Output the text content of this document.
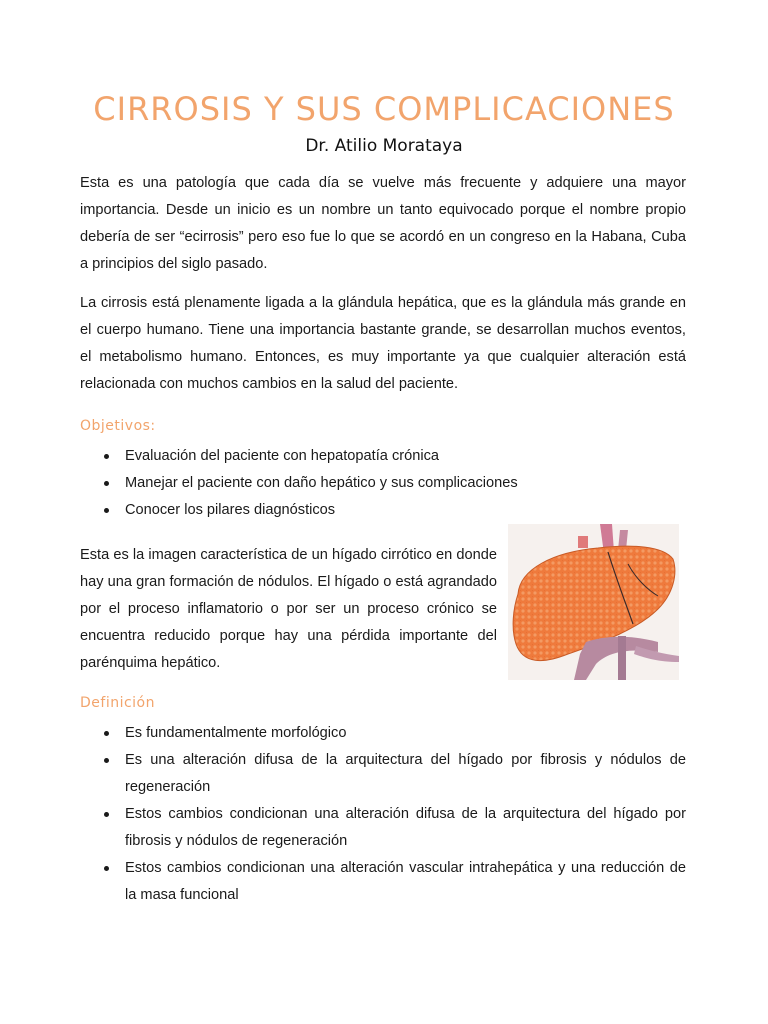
CIRROSIS Y SUS COMPLICACIONES
Dr. Atilio Morataya

Esta es una patología que cada día se vuelve más frecuente y adquiere una mayor importancia. Desde un inicio es un nombre un tanto equivocado porque el nombre propio debería de ser “ecirrosis” pero eso fue lo que se acordó en un congreso en la Habana, Cuba a principios del siglo pasado.

La cirrosis está plenamente ligada a la glándula hepática, que es la glándula más grande en el cuerpo humano. Tiene una importancia bastante grande, se desarrollan muchos eventos, el metabolismo humano. Entonces, es muy importante ya que cualquier alteración está relacionada con muchos cambios en la salud del paciente.

Objetivos:
Evaluación del paciente con hepatopatía crónica
Manejar el paciente con daño hepático y sus complicaciones
Conocer los pilares diagnósticos

Esta es la imagen característica de un hígado cirrótico en donde hay una gran formación de nódulos. El hígado o está agrandado por el proceso inflamatorio o por ser un proceso crónico se encuentra reducido porque hay una pérdida importante del parénquima hepático.

Definición
Es fundamentalmente morfológico
Es una alteración difusa de la arquitectura del hígado por fibrosis y nódulos de regeneración
Estos cambios condicionan una alteración difusa de la arquitectura del hígado por fibrosis y nódulos de regeneración
Estos cambios condicionan una alteración vascular intrahepática y una reducción de la masa funcional
